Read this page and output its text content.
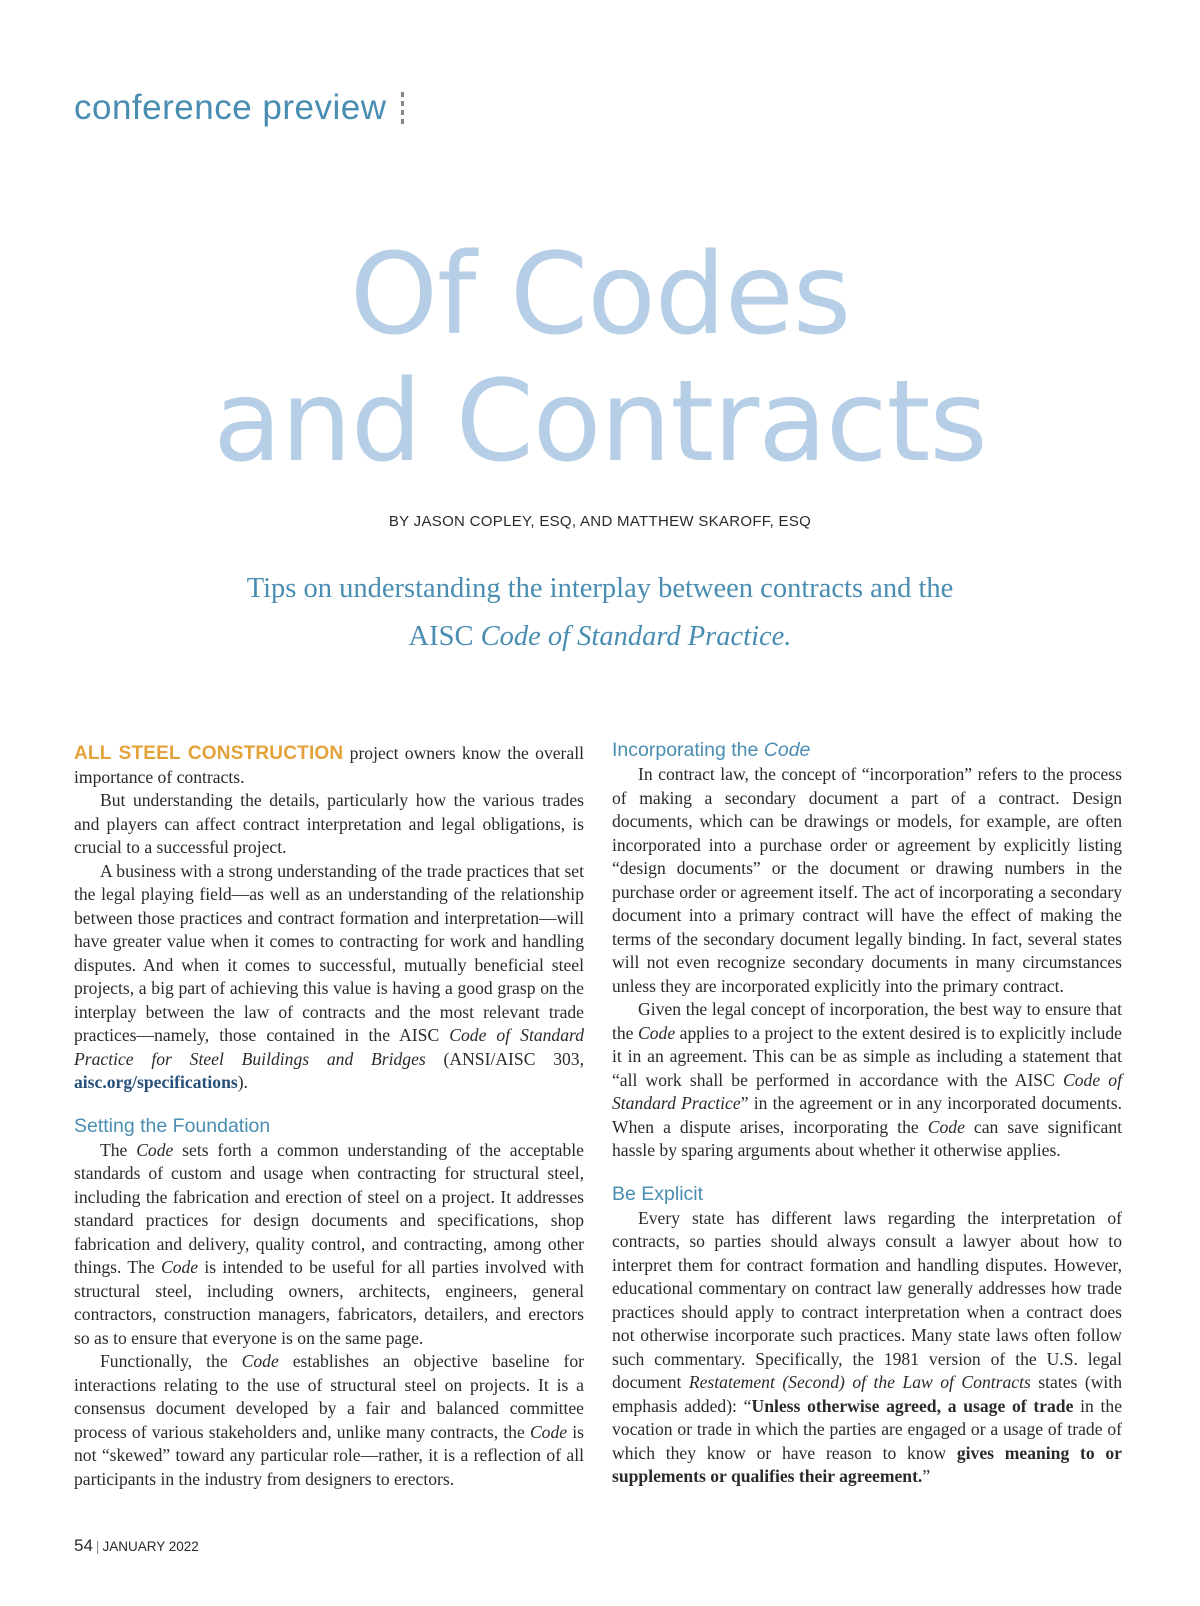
conference preview
Of Codes
and Contracts
BY JASON COPLEY, ESQ, AND MATTHEW SKAROFF, ESQ
Tips on understanding the interplay between contracts and the
AISC Code of Standard Practice.

ALL STEEL CONSTRUCTION project owners know the overall importance of contracts.

But understanding the details, particularly how the various trades and players can affect contract interpretation and legal obligations, is crucial to a successful project.

A business with a strong understanding of the trade practices that set the legal playing field—as well as an understanding of the relationship between those practices and contract formation and interpretation—will have greater value when it comes to contracting for work and handling disputes. And when it comes to successful, mutually beneficial steel projects, a big part of achieving this value is having a good grasp on the interplay between the law of contracts and the most relevant trade practices—namely, those contained in the AISC Code of Standard Practice for Steel Buildings and Bridges (ANSI/AISC 303, aisc.org/specifications).

Setting the Foundation

The Code sets forth a common understanding of the acceptable standards of custom and usage when contracting for structural steel, including the fabrication and erection of steel on a project. It addresses standard practices for design documents and specifications, shop fabrication and delivery, quality control, and contracting, among other things. The Code is intended to be useful for all parties involved with structural steel, including owners, architects, engineers, general contractors, construction managers, fabricators, detailers, and erectors so as to ensure that everyone is on the same page.

Functionally, the Code establishes an objective baseline for interactions relating to the use of structural steel on projects. It is a consensus document developed by a fair and balanced committee process of various stakeholders and, unlike many contracts, the Code is not “skewed” toward any particular role—rather, it is a reflection of all participants in the industry from designers to erectors.

Incorporating the Code

In contract law, the concept of “incorporation” refers to the process of making a secondary document a part of a contract. Design documents, which can be drawings or models, for example, are often incorporated into a purchase order or agreement by explicitly listing “design documents” or the document or drawing numbers in the purchase order or agreement itself. The act of incorporating a secondary document into a primary contract will have the effect of making the terms of the secondary document legally binding. In fact, several states will not even recognize secondary documents in many circumstances unless they are incorporated explicitly into the primary contract.

Given the legal concept of incorporation, the best way to ensure that the Code applies to a project to the extent desired is to explicitly include it in an agreement. This can be as simple as including a statement that “all work shall be performed in accordance with the AISC Code of Standard Practice” in the agreement or in any incorporated documents. When a dispute arises, incorporating the Code can save significant hassle by sparing arguments about whether it otherwise applies.

Be Explicit

Every state has different laws regarding the interpretation of contracts, so parties should always consult a lawyer about how to interpret them for contract formation and handling disputes. However, educational commentary on contract law generally addresses how trade practices should apply to contract interpretation when a contract does not otherwise incorporate such practices. Many state laws often follow such commentary. Specifically, the 1981 version of the U.S. legal document Restatement (Second) of the Law of Contracts states (with emphasis added): “Unless otherwise agreed, a usage of trade in the vocation or trade in which the parties are engaged or a usage of trade of which they know or have reason to know gives meaning to or supplements or qualifies their agreement.”

54 | JANUARY 2022
